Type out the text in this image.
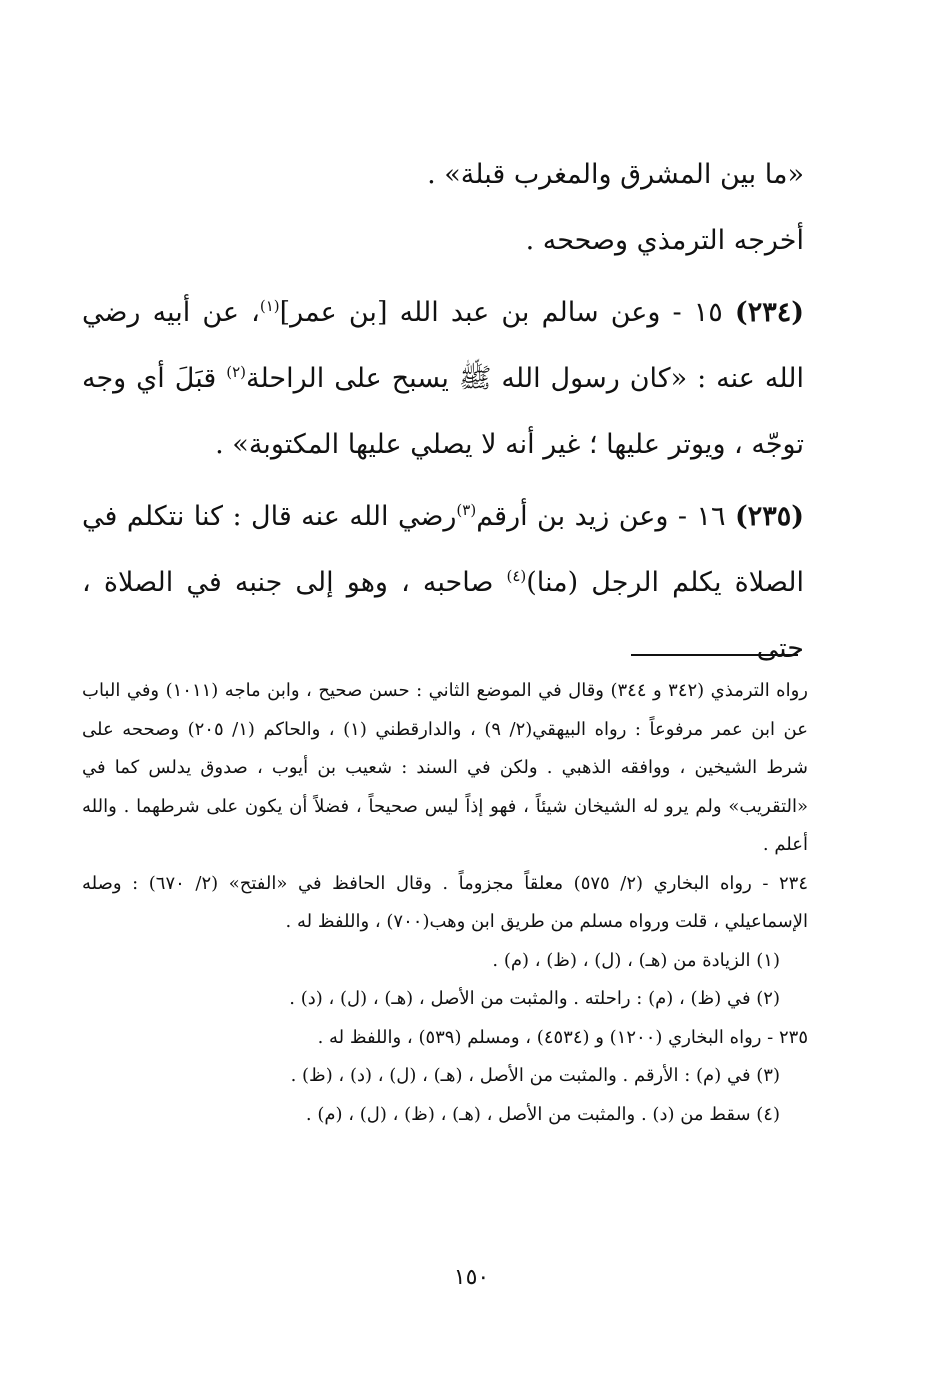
«ما بين المشرق والمغرب قبلة» .

أخرجه الترمذي وصححه .

(٢٣٤) ١٥ - وعن سالم بن عبد الله [بن عمر]$^{(١)}$، عن أبيه رضي الله عنه : «كان رسول الله ﷺ يسبح على الراحلة$^{(٢)}$ قبَلَ أي وجه توجّه ، ويوتر عليها ؛ غير أنه لا يصلي عليها المكتوبة» .

(٢٣٥) ١٦ - وعن زيد بن أرقم$^{(٣)}$رضي الله عنه قال : كنا نتكلم في الصلاة يكلم الرجل (منا)$^{(٤)}$ صاحبه ، وهو إلى جنبه في الصلاة ، حتى

رواه الترمذي (٣٤٢ و ٣٤٤) وقال في الموضع الثاني : حسن صحيح ، وابن ماجه (١٠١١) وفي الباب عن ابن عمر مرفوعاً : رواه البيهقي(٢/ ٩) ، والدارقطني (١) ، والحاكم (١/ ٢٠٥) وصححه على شرط الشيخين ، ووافقه الذهبي . ولكن في السند : شعيب بن أيوب ، صدوق يدلس كما في «التقريب» ولم يرو له الشيخان شيئاً ، فهو إذاً ليس صحيحاً ، فضلاً أن يكون على شرطهما . والله أعلم .

٢٣٤ - رواه البخاري (٢/ ٥٧٥) معلقاً مجزوماً . وقال الحافظ في «الفتح» (٢/ ٦٧٠) : وصله الإسماعيلي ، قلت ورواه مسلم من طريق ابن وهب(٧٠٠) ، واللفظ له .

(١) الزيادة من (هـ) ، (ل) ، (ظ) ، (م) .

(٢) في (ظ) ، (م) : راحلته . والمثبت من الأصل ، (هـ) ، (ل) ، (د) .

٢٣٥ - رواه البخاري (١٢٠٠) و (٤٥٣٤) ، ومسلم (٥٣٩) ، واللفظ له .

(٣) في (م) : الأرقم . والمثبت من الأصل ، (هـ) ، (ل) ، (د) ، (ظ) .

(٤) سقط من (د) . والمثبت من الأصل ، (هـ) ، (ظ) ، (ل) ، (م) .

١٥٠
